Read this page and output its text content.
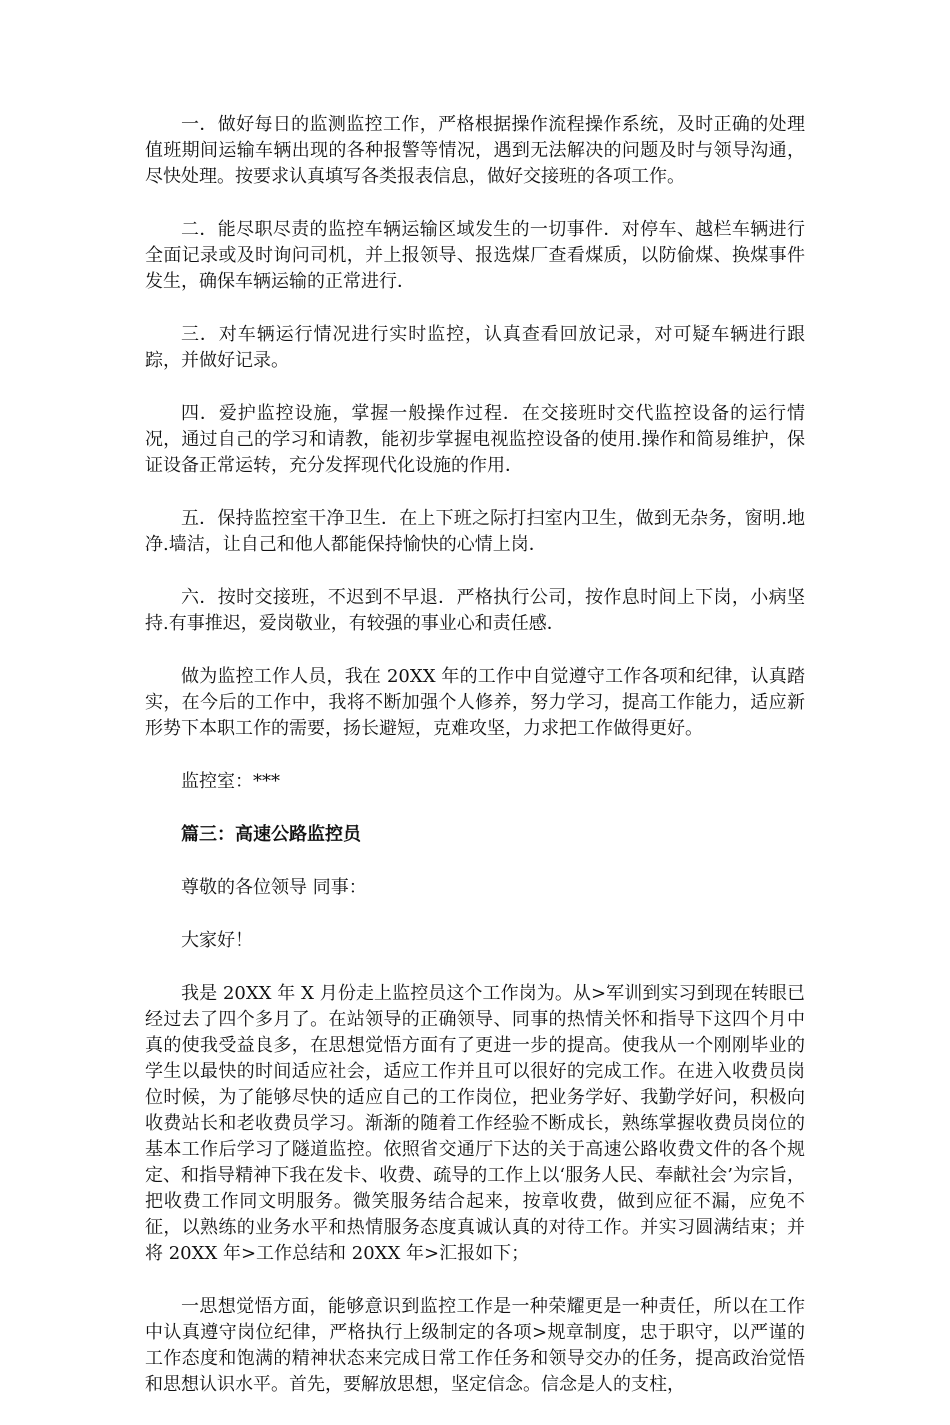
一．做好每日的监测监控工作，严格根据操作流程操作系统，及时正确的处理值班期间运输车辆出现的各种报警等情况，遇到无法解决的问题及时与领导沟通，尽快处理。按要求认真填写各类报表信息，做好交接班的各项工作。

二．能尽职尽责的监控车辆运输区域发生的一切事件．对停车、越栏车辆进行全面记录或及时询问司机，并上报领导、报选煤厂查看煤质，以防偷煤、换煤事件发生，确保车辆运输的正常进行．

三．对车辆运行情况进行实时监控，认真查看回放记录，对可疑车辆进行跟踪，并做好记录。

四．爱护监控设施，掌握一般操作过程．在交接班时交代监控设备的运行情况，通过自己的学习和请教，能初步掌握电视监控设备的使用.操作和简易维护，保证设备正常运转，充分发挥现代化设施的作用．

五．保持监控室干净卫生．在上下班之际打扫室内卫生，做到无杂务，窗明.地净.墙洁，让自己和他人都能保持愉快的心情上岗．

六．按时交接班，不迟到不早退．严格执行公司，按作息时间上下岗，小病坚持.有事推迟，爱岗敬业，有较强的事业心和责任感．

做为监控工作人员，我在 20XX 年的工作中自觉遵守工作各项和纪律，认真踏实，在今后的工作中，我将不断加强个人修养，努力学习，提高工作能力，适应新形势下本职工作的需要，扬长避短，克难攻坚，力求把工作做得更好。

监控室：***

篇三：高速公路监控员

尊敬的各位领导 同事：

大家好！

我是 20XX 年 X 月份走上监控员这个工作岗为。从>军训到实习到现在转眼已经过去了四个多月了。在站领导的正确领导、同事的热情关怀和指导下这四个月中真的使我受益良多，在思想觉悟方面有了更进一步的提高。使我从一个刚刚毕业的学生以最快的时间适应社会，适应工作并且可以很好的完成工作。在进入收费员岗位时候，为了能够尽快的适应自己的工作岗位，把业务学好、我勤学好问，积极向收费站长和老收费员学习。渐渐的随着工作经验不断成长，熟练掌握收费员岗位的基本工作后学习了隧道监控。依照省交通厅下达的关于高速公路收费文件的各个规定、和指导精神下我在发卡、收费、疏导的工作上以‘服务人民、奉献社会’为宗旨，把收费工作同文明服务。微笑服务结合起来，按章收费，做到应征不漏，应免不征，以熟练的业务水平和热情服务态度真诚认真的对待工作。并实习圆满结束；并将 20XX 年>工作总结和 20XX 年>汇报如下；

一思想觉悟方面，能够意识到监控工作是一种荣耀更是一种责任，所以在工作中认真遵守岗位纪律，严格执行上级制定的各项>规章制度，忠于职守，以严谨的工作态度和饱满的精神状态来完成日常工作任务和领导交办的任务，提高政治觉悟和思想认识水平。首先，要解放思想，坚定信念。信念是人的支柱，
